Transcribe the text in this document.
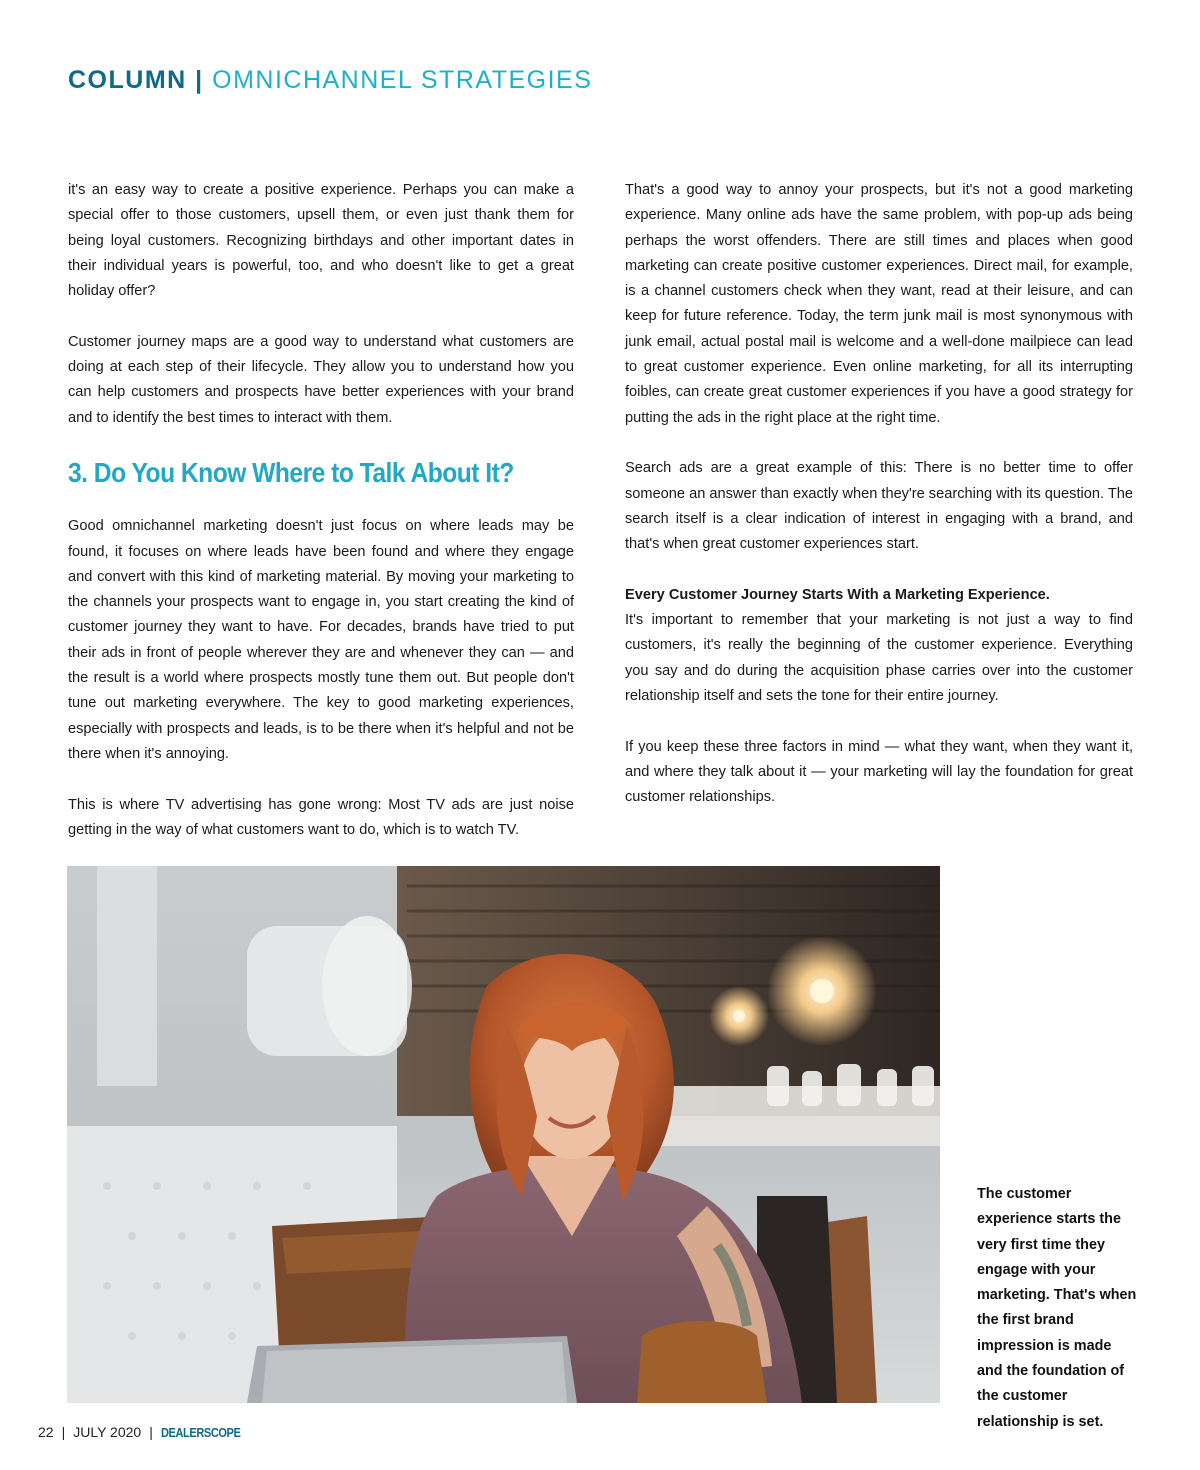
COLUMN | OMNICHANNEL STRATEGIES

it's an easy way to create a positive experience. Perhaps you can make a special offer to those customers, upsell them, or even just thank them for being loyal customers. Recognizing birthdays and other important dates in their individual years is powerful, too, and who doesn't like to get a great holiday offer?

Customer journey maps are a good way to understand what customers are doing at each step of their lifecycle. They allow you to understand how you can help customers and prospects have better experiences with your brand and to identify the best times to interact with them.

3. Do You Know Where to Talk About It?

Good omnichannel marketing doesn't just focus on where leads may be found, it focuses on where leads have been found and where they engage and convert with this kind of marketing material. By moving your marketing to the channels your prospects want to engage in, you start creating the kind of customer journey they want to have. For decades, brands have tried to put their ads in front of people wherever they are and whenever they can — and the result is a world where prospects mostly tune them out. But people don't tune out marketing everywhere. The key to good marketing experiences, especially with prospects and leads, is to be there when it's helpful and not be there when it's annoying.

This is where TV advertising has gone wrong: Most TV ads are just noise getting in the way of what customers want to do, which is to watch TV.

That's a good way to annoy your prospects, but it's not a good marketing experience. Many online ads have the same problem, with pop-up ads being perhaps the worst offenders. There are still times and places when good marketing can create positive customer experiences. Direct mail, for example, is a channel customers check when they want, read at their leisure, and can keep for future reference. Today, the term junk mail is most synonymous with junk email, actual postal mail is welcome and a well-done mailpiece can lead to great customer experience. Even online marketing, for all its interrupting foibles, can create great customer experiences if you have a good strategy for putting the ads in the right place at the right time.

Search ads are a great example of this: There is no better time to offer someone an answer than exactly when they're searching with its question. The search itself is a clear indication of interest in engaging with a brand, and that's when great customer experiences start.

Every Customer Journey Starts With a Marketing Experience.

It's important to remember that your marketing is not just a way to find customers, it's really the beginning of the customer experience. Everything you say and do during the acquisition phase carries over into the customer relationship itself and sets the tone for their entire journey.

If you keep these three factors in mind — what they want, when they want it, and where they talk about it — your marketing will lay the foundation for great customer relationships.

The customer experience starts the very first time they engage with your marketing. That's when the first brand impression is made and the foundation of the customer relationship is set.
22 | JULY 2020 | DEALERSCOPE
